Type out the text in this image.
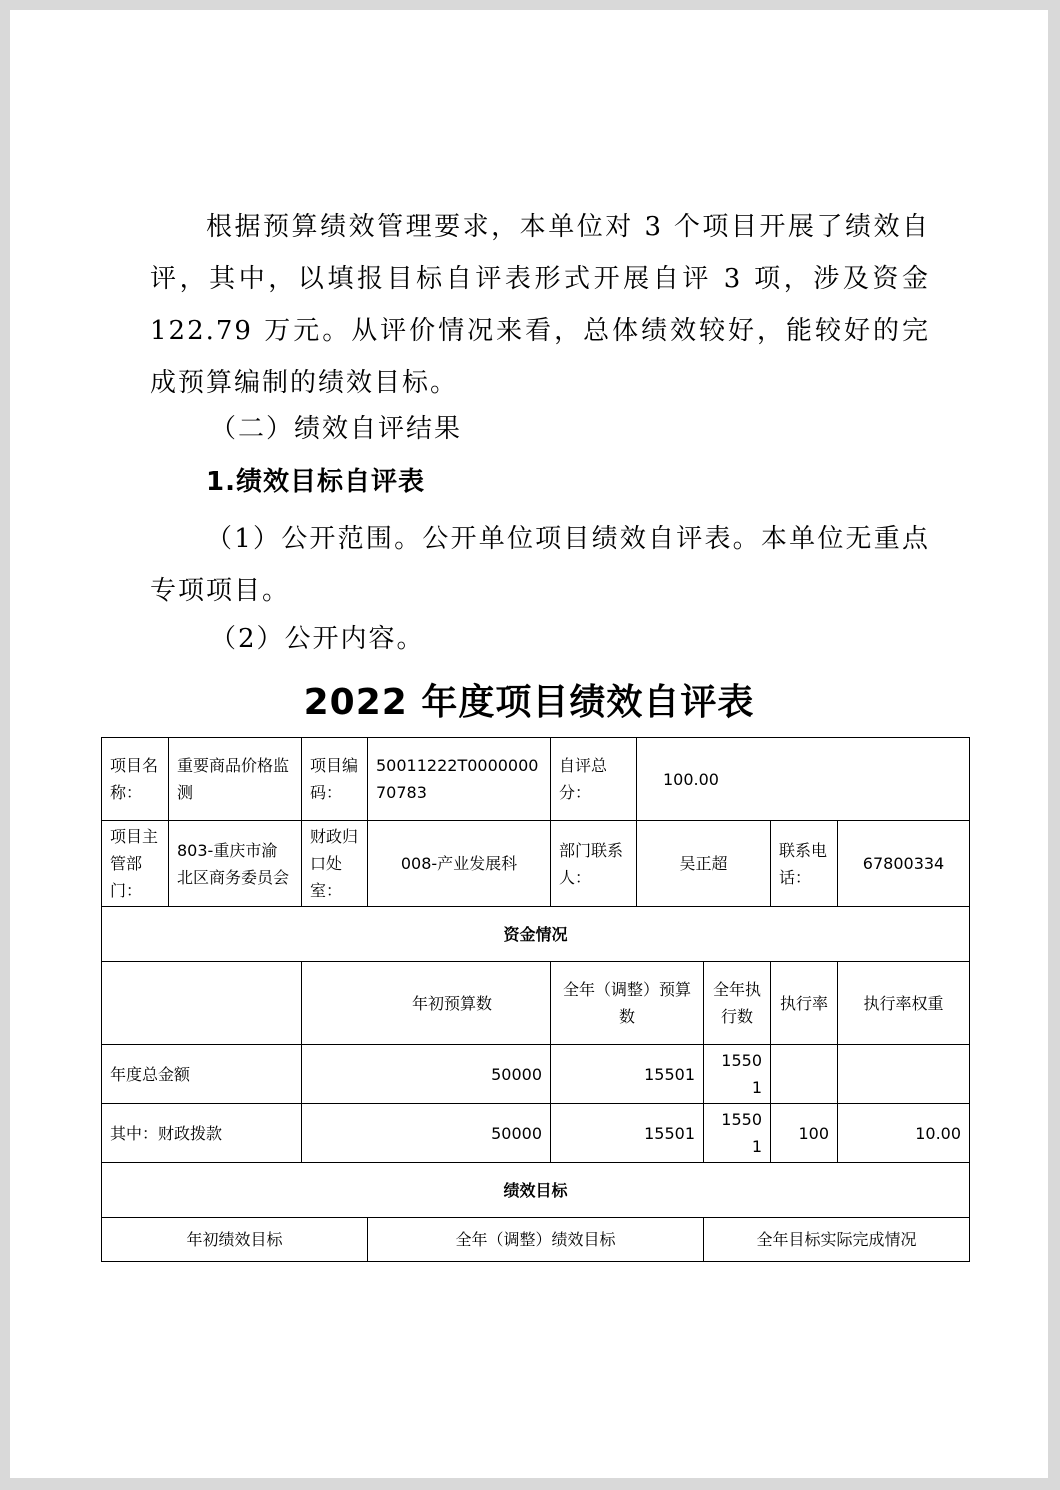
根据预算绩效管理要求，本单位对 3 个项目开展了绩效自评，其中，以填报目标自评表形式开展自评 3 项，涉及资金 122.79 万元。从评价情况来看，总体绩效较好，能较好的完成预算编制的绩效目标。
（二）绩效自评结果
1.绩效目标自评表
（1）公开范围。公开单位项目绩效自评表。本单位无重点专项项目。
（2）公开内容。
2022 年度项目绩效自评表
项目名称：	重要商品价格监测	项目编码：	50011222T000000070783	自评总分：	100.00			
项目主管部门：	803-重庆市渝北区商务委员会	财政归口处室：	008-产业发展科	部门联系人：	吴正超		联系电话：	67800334
资金情况								
		年初预算数		全年（调整）预算数		全年执行数	执行率	执行率权重
年度总金额		50000		15501		15501		
其中：财政拨款		50000		15501		15501	100	10.00
绩效目标								
年初绩效目标			全年（调整）绩效目标			全年目标实际完成情况		
